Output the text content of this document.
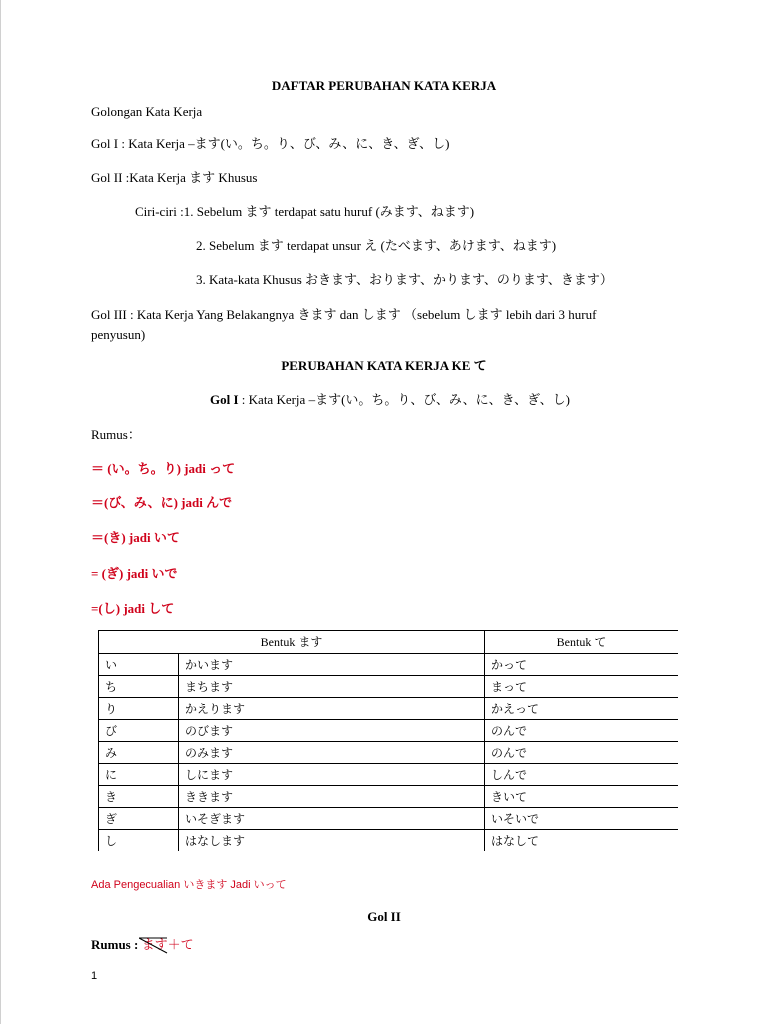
DAFTAR PERUBAHAN KATA KERJA
Golongan Kata Kerja
Gol I : Kata Kerja –ます(い。ち。り、び、み、に、き、ぎ、し)
Gol II :Kata Kerja ます Khusus
Ciri-ciri :1. Sebelum ます terdapat satu huruf (みます、ねます)
2. Sebelum ます terdapat unsur え (たべます、あけます、ねます)
3. Kata-kata Khusus おきます、おります、かります、のります、きます）
Gol III : Kata Kerja Yang Belakangnya きます dan します （sebelum します lebih dari 3 huruf
penyusun)
PERUBAHAN KATA KERJA KE て
Gol I : Kata Kerja –ます(い。ち。り、び、み、に、き、ぎ、し)
Rumus：
＝ (い。ち。り) jadi って
＝(び、み、に) jadi んで
＝(き) jadi いて
= (ぎ) jadi いで
=(し) jadi して
Bentuk ます	Bentuk て
い	かいます	かって
ち	まちます	まって
り	かえります	かえって
び	のびます	のんで
み	のみます	のんで
に	しにます	しんで
き	ききます	きいて
ぎ	いそぎます	いそいで
し	はなします	はなして
Ada Pengecualian いきます Jadi いって
Gol II
Rumus : ます
＋て
1
